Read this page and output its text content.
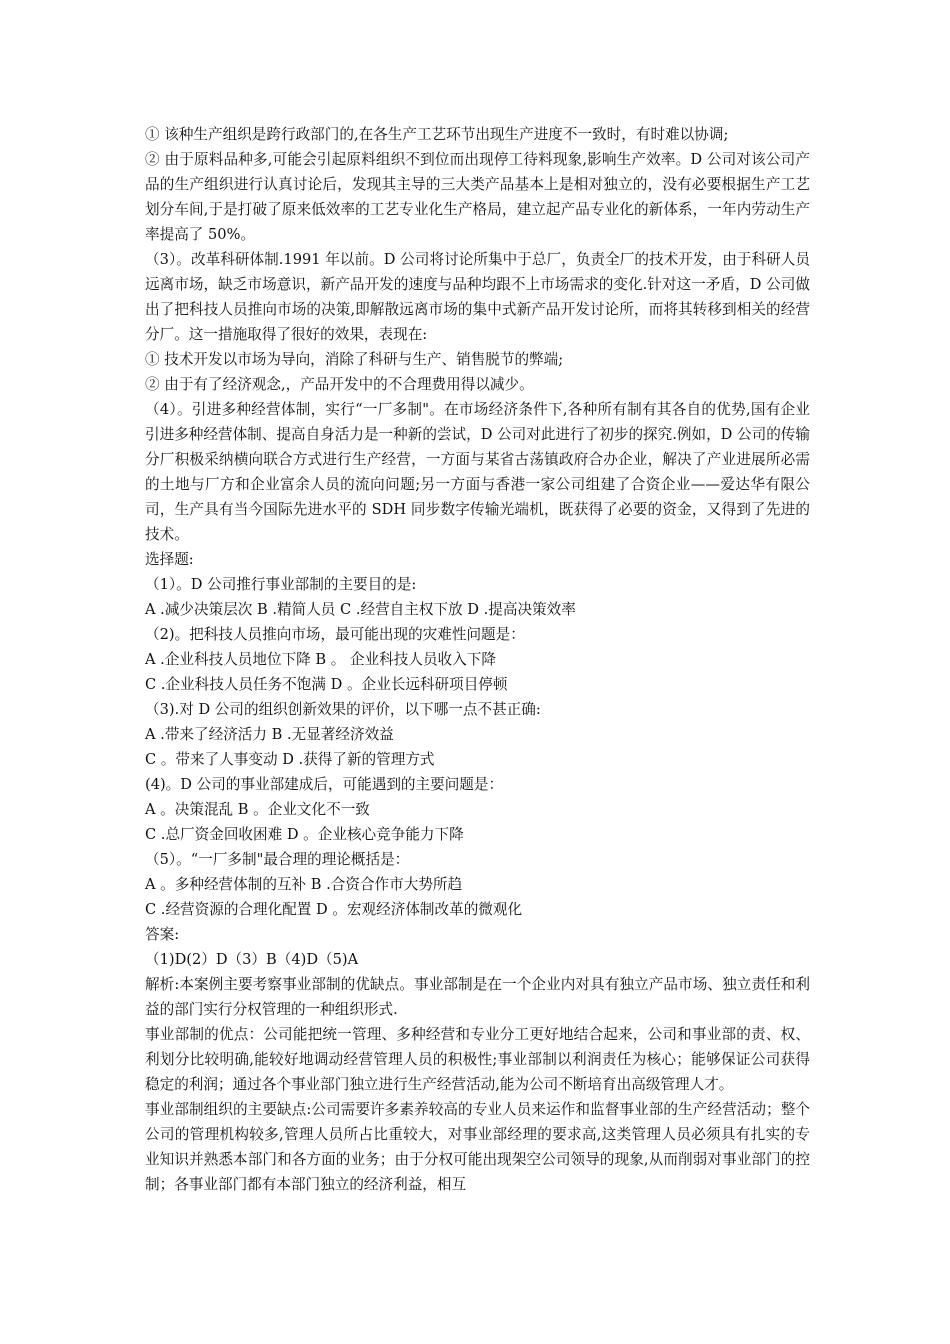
① 该种生产组织是跨行政部门的,在各生产工艺环节出现生产进度不一致时，有时难以协调;

② 由于原料品种多,可能会引起原料组织不到位而出现停工待料现象,影响生产效率。D 公司对该公司产品的生产组织进行认真讨论后，发现其主导的三大类产品基本上是相对独立的，没有必要根据生产工艺划分车间,于是打破了原来低效率的工艺专业化生产格局，建立起产品专业化的新体系，一年内劳动生产率提高了 50%。

（3）。改革科研体制.1991 年以前。D 公司将讨论所集中于总厂，负责全厂的技术开发，由于科研人员远离市场，缺乏市场意识，新产品开发的速度与品种均跟不上市场需求的变化.针对这一矛盾，D 公司做出了把科技人员推向市场的决策,即解散远离市场的集中式新产品开发讨论所，而将其转移到相关的经营分厂。这一措施取得了很好的效果，表现在:

① 技术开发以市场为导向，消除了科研与生产、销售脱节的弊端;

② 由于有了经济观念,，产品开发中的不合理费用得以减少。

（4）。引进多种经营体制，实行“一厂多制"。在市场经济条件下,各种所有制有其各自的优势,国有企业引进多种经营体制、提高自身活力是一种新的尝试，D 公司对此进行了初步的探究.例如，D 公司的传输分厂积极采纳横向联合方式进行生产经营，一方面与某省古荡镇政府合办企业，解决了产业进展所必需的土地与厂方和企业富余人员的流向问题;另一方面与香港一家公司组建了合资企业——爱达华有限公司，生产具有当今国际先进水平的 SDH 同步数字传输光端机，既获得了必要的资金，又得到了先进的技术。

选择题:

（1）。D 公司推行事业部制的主要目的是:

A .减少决策层次 B .精简人员 C .经营自主权下放 D .提高决策效率

（2)。把科技人员推向市场，最可能出现的灾难性问题是：

A .企业科技人员地位下降 B 。 企业科技人员收入下降

C .企业科技人员任务不饱满 D 。企业长远科研项目停顿

（3).对 D 公司的组织创新效果的评价，以下哪一点不甚正确:

A .带来了经济活力 B .无显著经济效益

C 。带来了人事变动 D .获得了新的管理方式

(4)。D 公司的事业部建成后，可能遇到的主要问题是：

A 。决策混乱 B 。企业文化不一致

C .总厂资金回收困难 D 。企业核心竞争能力下降

（5）。“一厂多制"最合理的理论概括是：

A 。多种经营体制的互补 B .合资合作市大势所趋

C .经营资源的合理化配置 D 。宏观经济体制改革的微观化

答案:

（1)D(2）D（3）B（4)D（5)A

解析:本案例主要考察事业部制的优缺点。事业部制是在一个企业内对具有独立产品市场、独立责任和利益的部门实行分权管理的一种组织形式.

事业部制的优点：公司能把统一管理、多种经营和专业分工更好地结合起来，公司和事业部的责、权、利划分比较明确,能较好地调动经营管理人员的积极性;事业部制以利润责任为核心；能够保证公司获得稳定的利润；通过各个事业部门独立进行生产经营活动,能为公司不断培育出高级管理人才。

事业部制组织的主要缺点:公司需要许多素养较高的专业人员来运作和监督事业部的生产经营活动；整个公司的管理机构较多,管理人员所占比重较大，对事业部经理的要求高,这类管理人员必须具有扎实的专业知识并熟悉本部门和各方面的业务；由于分权可能出现架空公司领导的现象,从而削弱对事业部门的控制；各事业部门都有本部门独立的经济利益，相互
